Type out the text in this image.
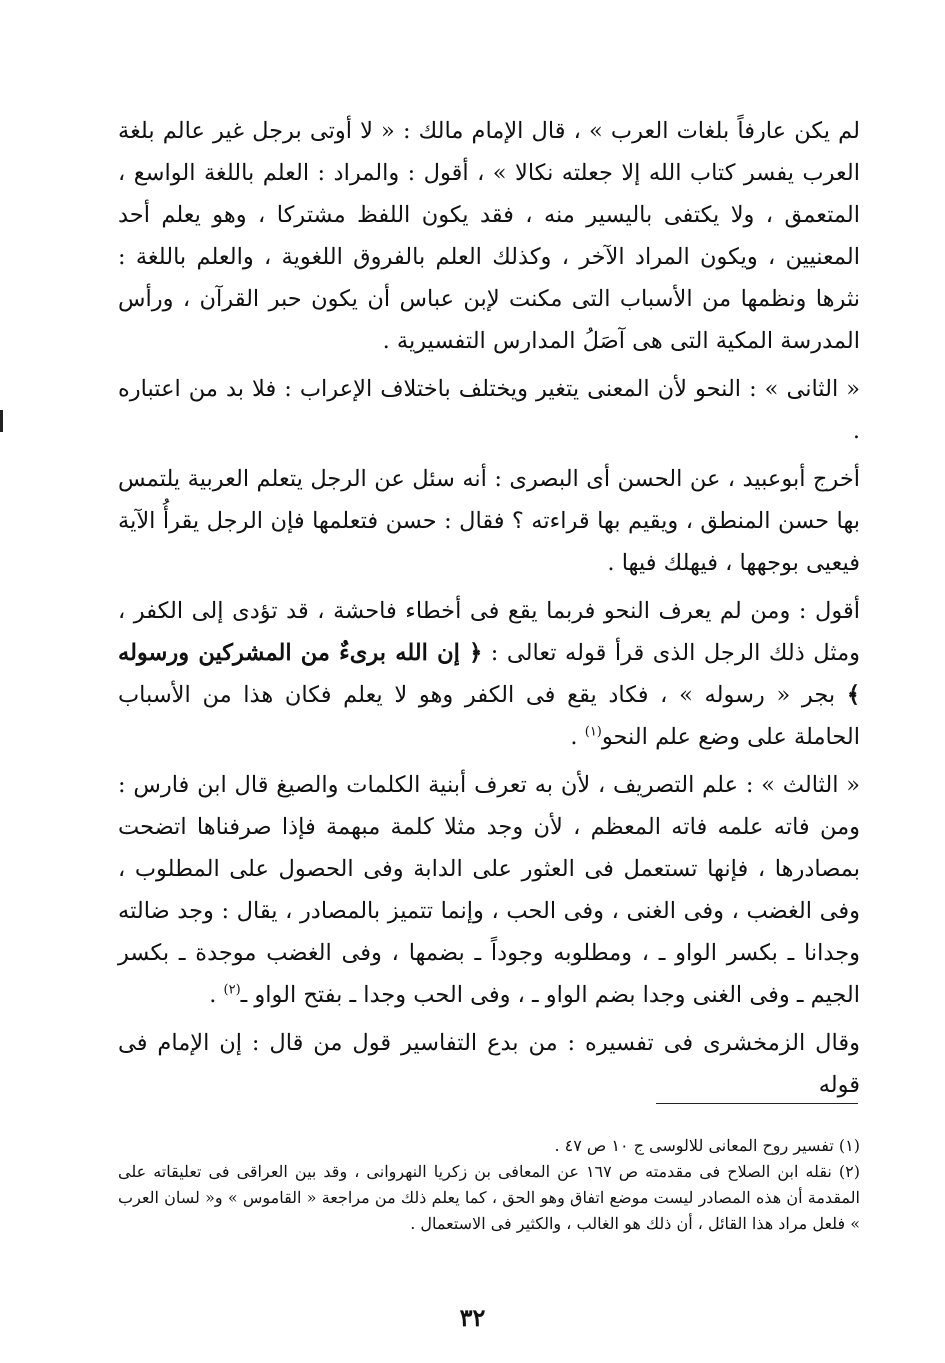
لم يكن عارفاً بلغات العرب » ، قال الإمام مالك : « لا أوتى برجل غير عالم بلغة العرب يفسر كتاب الله إلا جعلته نكالا » ، أقول : والمراد : العلم باللغة الواسع ، المتعمق ، ولا يكتفى باليسير منه ، فقد يكون اللفظ مشتركا ، وهو يعلم أحد المعنيين ، ويكون المراد الآخر ، وكذلك العلم بالفروق اللغوية ، والعلم باللغة : نثرها ونظمها من الأسباب التى مكنت لإبن عباس أن يكون حبر القرآن ، ورأس المدرسة المكية التى هى آصَلُ المدارس التفسيرية .

« الثانى » : النحو لأن المعنى يتغير ويختلف باختلاف الإعراب : فلا بد من اعتباره .

أخرج أبوعبيد ، عن الحسن أى البصرى : أنه سئل عن الرجل يتعلم العربية يلتمس بها حسن المنطق ، ويقيم بها قراءته ؟ فقال : حسن فتعلمها فإن الرجل يقرأُ الآية فيعيى بوجهها ، فيهلك فيها .

أقول : ومن لم يعرف النحو فربما يقع فى أخطاء فاحشة ، قد تؤدى إلى الكفر ، ومثل ذلك الرجل الذى قرأ قوله تعالى : ﴿ إن الله برىءٌ من المشركين ورسوله ﴾ بجر « رسوله » ، فكاد يقع فى الكفر وهو لا يعلم فكان هذا من الأسباب الحاملة على وضع علم النحو$^{(١)}$ .

« الثالث » : علم التصريف ، لأن به تعرف أبنية الكلمات والصيغ قال ابن فارس : ومن فاته علمه فاته المعظم ، لأن وجد مثلا كلمة مبهمة فإذا صرفناها اتضحت بمصادرها ، فإنها تستعمل فى العثور على الدابة وفى الحصول على المطلوب ، وفى الغضب ، وفى الغنى ، وفى الحب ، وإنما تتميز بالمصادر ، يقال : وجد ضالته وجدانا ـ بكسر الواو ـ ، ومطلوبه وجوداً ـ بضمها ، وفى الغضب موجدة ـ بكسر الجيم ـ وفى الغنى وجدا بضم الواو ـ ، وفى الحب وجدا ـ بفتح الواو ـ$^{(٢)}$ .

وقال الزمخشرى فى تفسيره : من بدع التفاسير قول من قال : إن الإمام فى قوله

(١) تفسير روح المعانى للالوسى ج ١٠ ص ٤٧ .

(٢) نقله ابن الصلاح فى مقدمته ص ١٦٧ عن المعافى بن زكريا النهروانى ، وقد بين العراقى فى تعليقاته على المقدمة أن هذه المصادر ليست موضع اتفاق وهو الحق ، كما يعلم ذلك من مراجعة « القاموس » و« لسان العرب » فلعل مراد هذا القائل ، أن ذلك هو الغالب ، والكثير فى الاستعمال .

٣٢
